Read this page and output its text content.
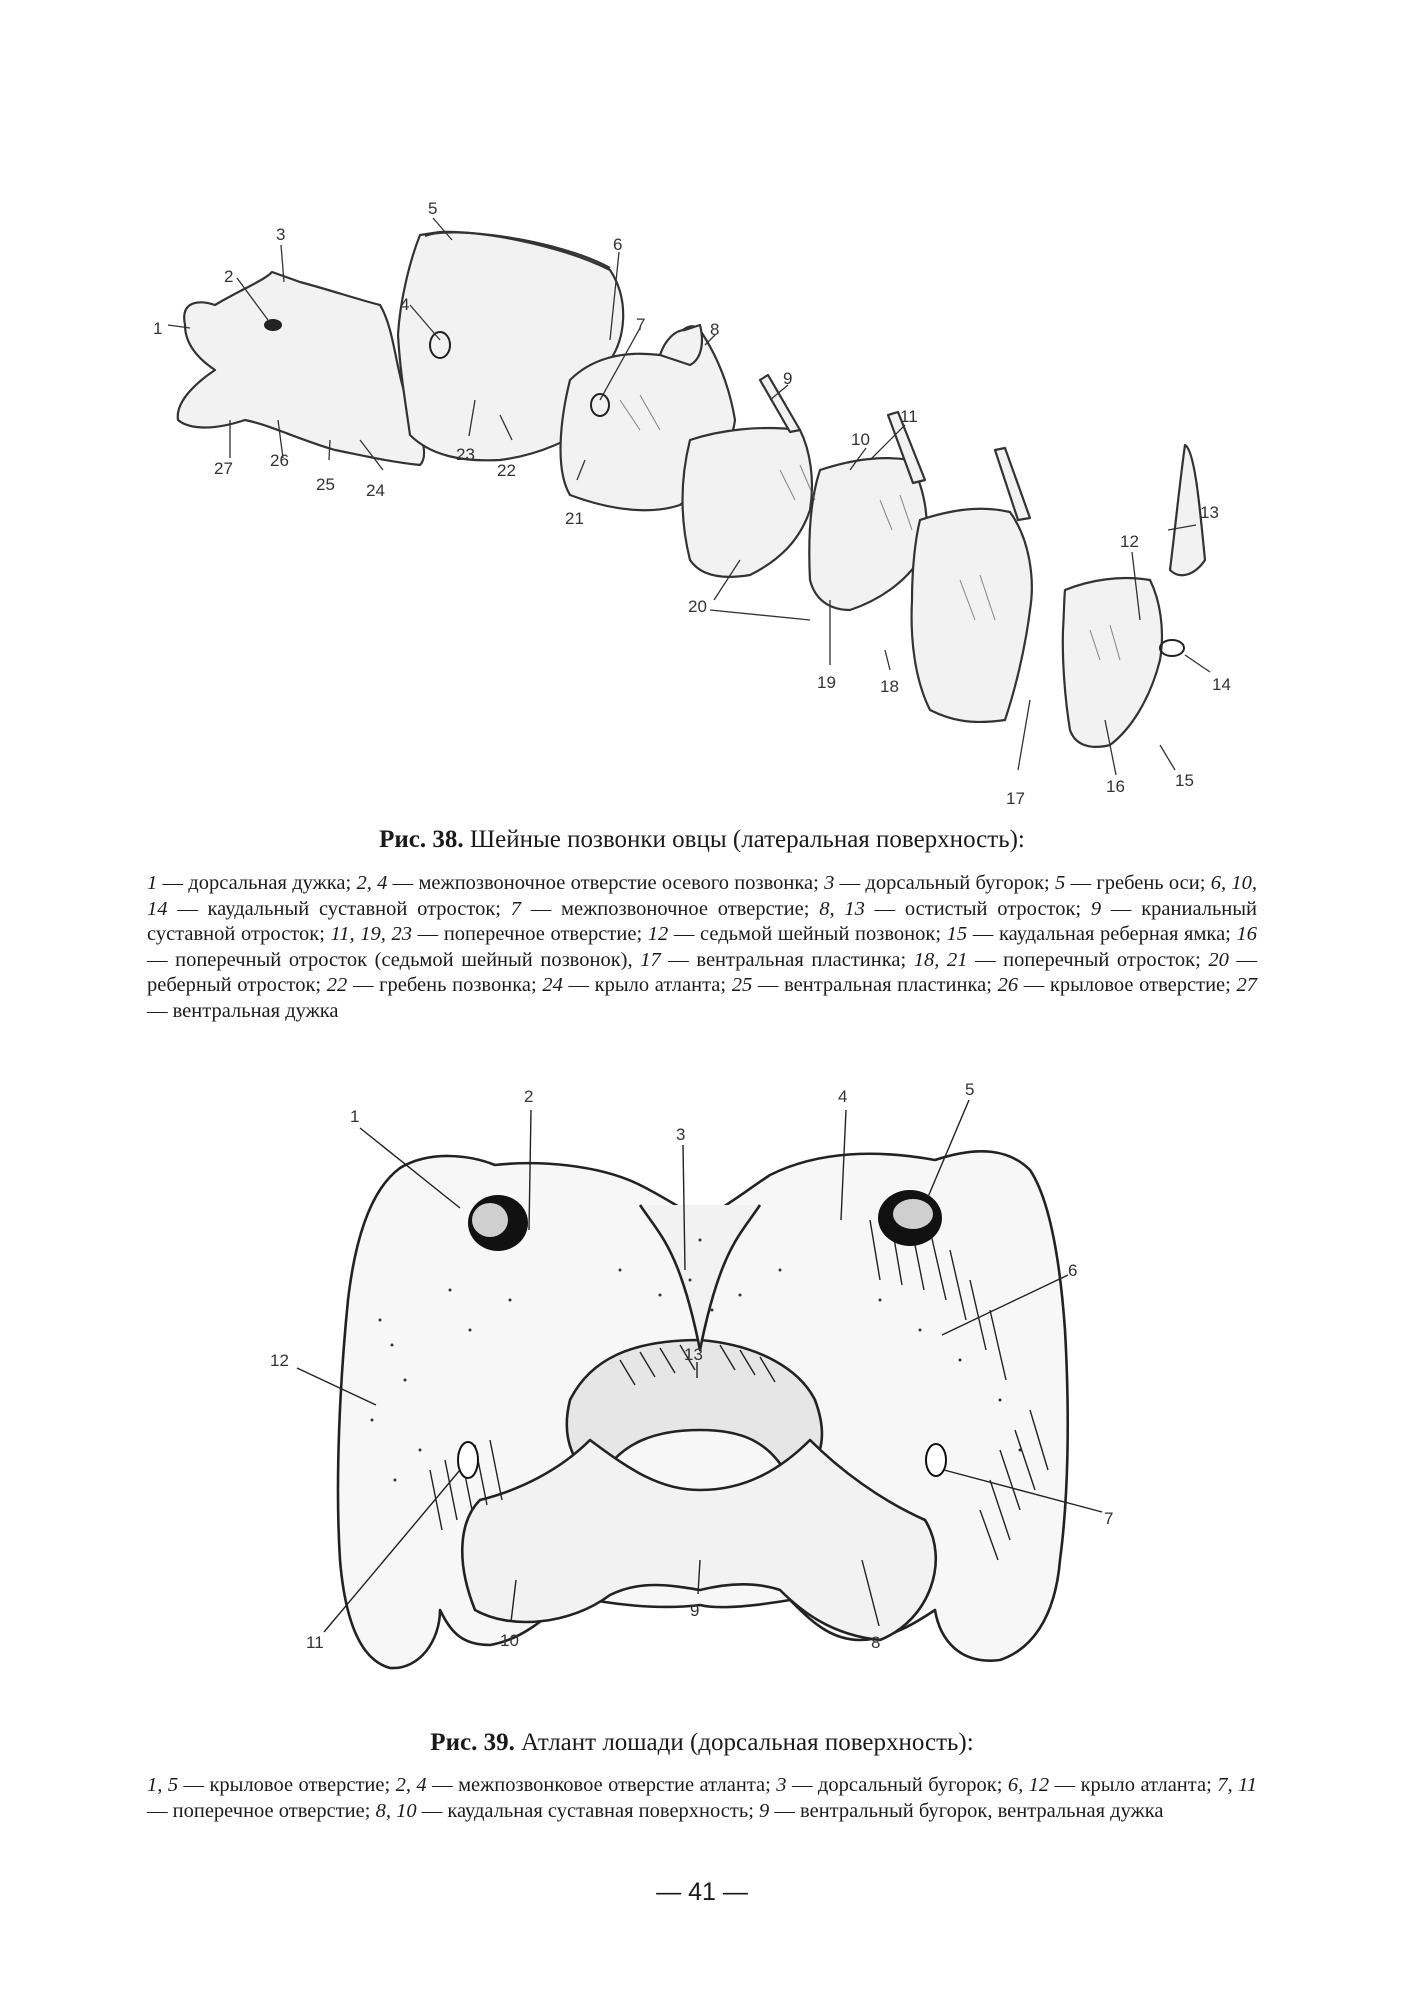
1
2
3
4
5
6
7	8
9
10
11
12
13
14
15
16
17
18
19
20
21
22
23
24
25
26
27
Рис. 38. Шейные позвонки овцы (латеральная поверхность):
1 — дорсальная дужка; 2, 4 — межпозвоночное отверстие осевого позвонка; 3 — дорсальный бугорок; 5 — гребень оси; 6, 10, 14 — каудальный суставной отросток; 7 — межпозвоночное отверстие; 8, 13 — остистый отросток; 9 — краниальный суставной отросток; 11, 19, 23 — поперечное отверстие; 12 — седьмой шейный позвонок; 15 — каудальная реберная ямка; 16 — поперечный отросток (седьмой шейный позвонок), 17 — вентральная пластинка; 18, 21 — поперечный отросток; 20 — реберный отросток; 22 — гребень позвонка; 24 — крыло атланта; 25 — вентральная пластинка; 26 — крыловое отверстие; 27 — вентральная дужка
1
2
3
4	5
6
7
8
9
10
11
12	13
Рис. 39. Атлант лошади (дорсальная поверхность):
1, 5 — крыловое отверстие; 2, 4 — межпозвонковое отверстие атланта; 3 — дорсальный бугорок; 6, 12 — крыло атланта; 7, 11 — поперечное отверстие; 8, 10 — каудальная суставная поверхность; 9 — вентральный бугорок, вентральная дужка
— 41 —
